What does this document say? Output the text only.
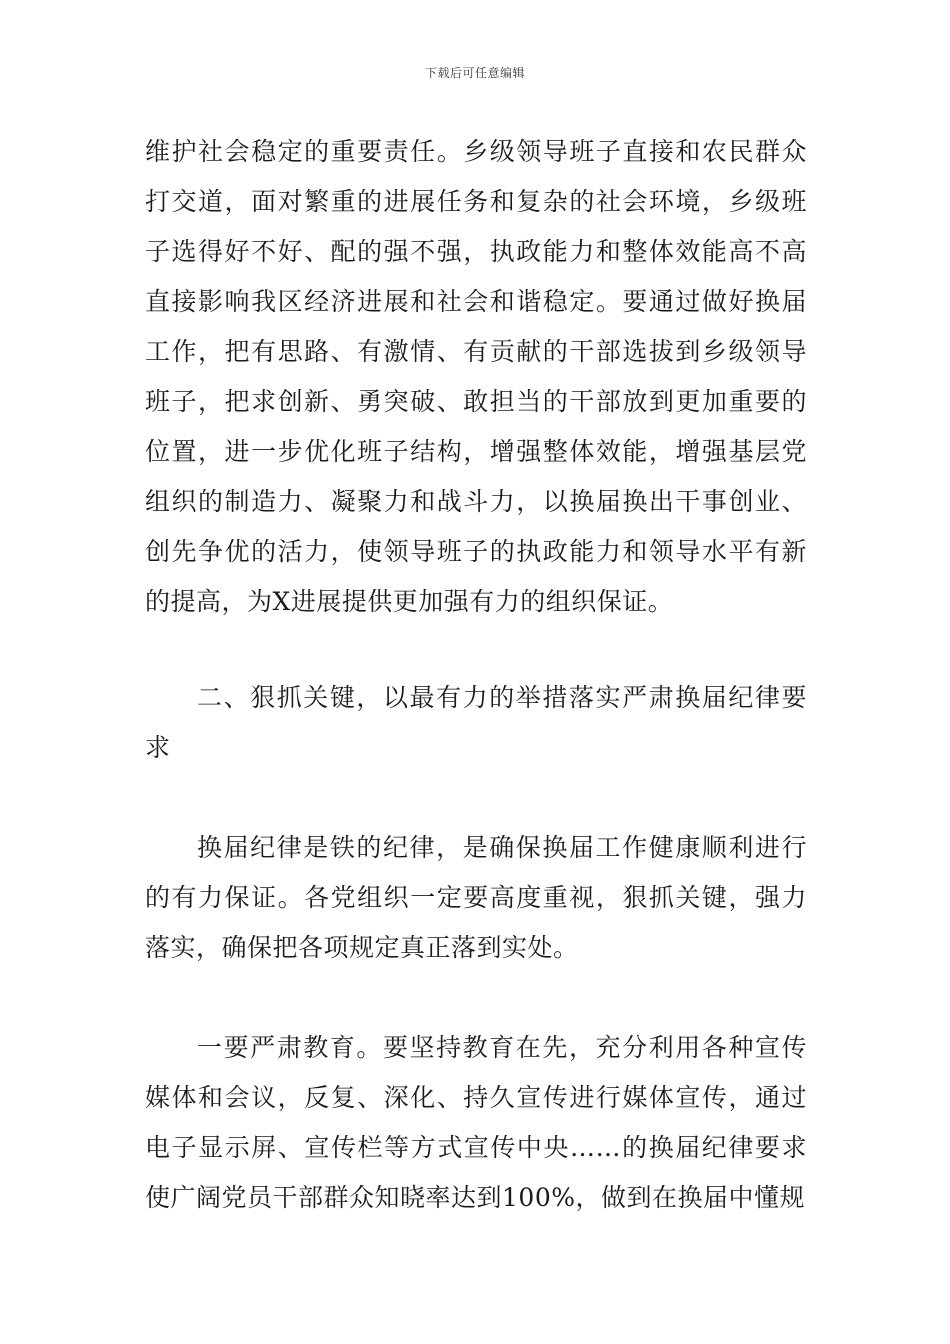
下载后可任意编辑

维护社会稳定的重要责任。乡级领导班子直接和农民群众打交道，面对繁重的进展任务和复杂的社会环境，乡级班子选得好不好、配的强不强，执政能力和整体效能高不高直接影响我区经济进展和社会和谐稳定。要通过做好换届工作，把有思路、有激情、有贡献的干部选拔到乡级领导班子，把求创新、勇突破、敢担当的干部放到更加重要的位置，进一步优化班子结构，增强整体效能，增强基层党组织的制造力、凝聚力和战斗力，以换届换出干事创业、创先争优的活力，使领导班子的执政能力和领导水平有新的提高，为X进展提供更加强有力的组织保证。

二、狠抓关键，以最有力的举措落实严肃换届纪律要求

换届纪律是铁的纪律，是确保换届工作健康顺利进行的有力保证。各党组织一定要高度重视，狠抓关键，强力落实，确保把各项规定真正落到实处。

一要严肃教育。要坚持教育在先，充分利用各种宣传媒体和会议，反复、深化、持久宣传进行媒体宣传，通过电子显示屏、宣传栏等方式宣传中央……的换届纪律要求使广阔党员干部群众知晓率达到100%，做到在换届中懂规
